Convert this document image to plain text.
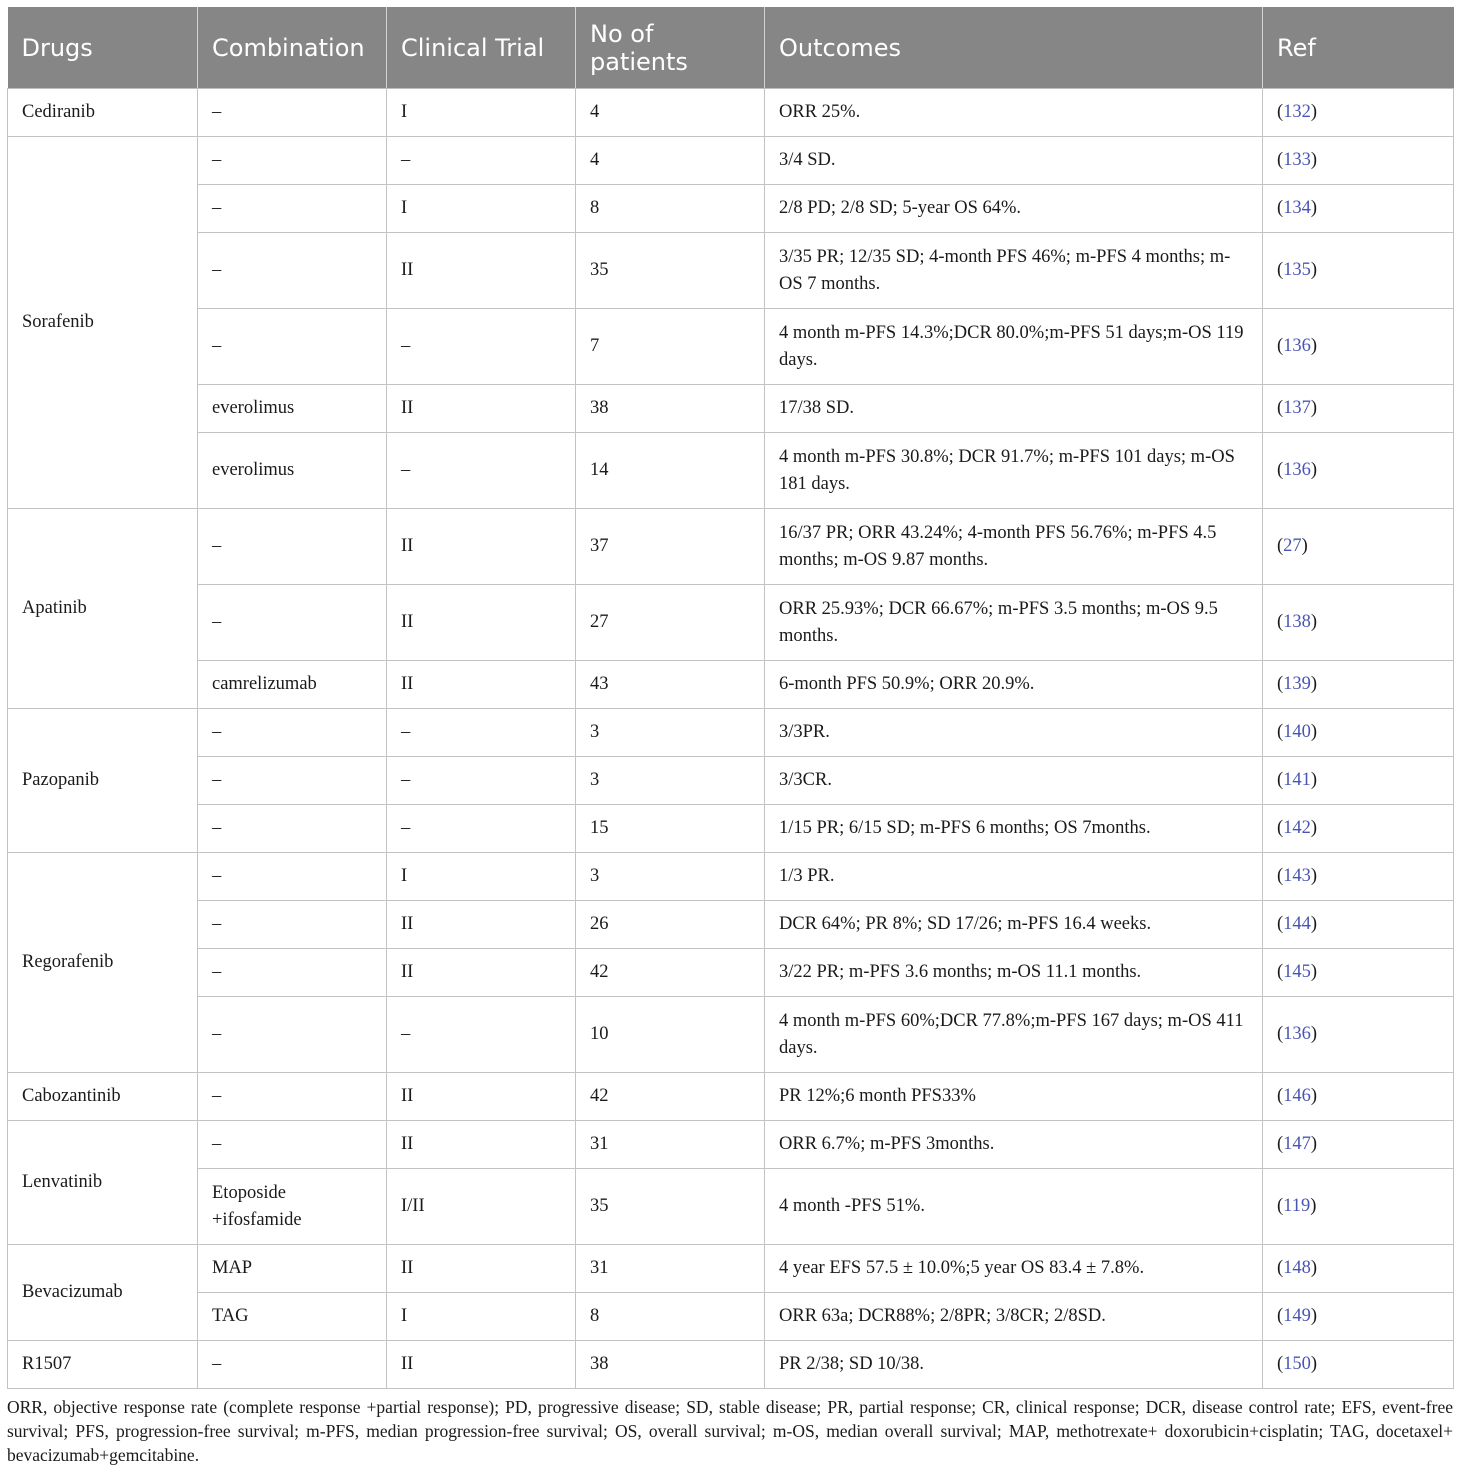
Drugs	Combination	Clinical Trial	No of patients	Outcomes	Ref
Cediranib	–	I	4	ORR 25%.	(132)
Sorafenib	–	–	4	3/4 SD.	(133)
	–	I	8	2/8 PD; 2/8 SD; 5-year OS 64%.	(134)
	–	II	35	3/35 PR; 12/35 SD; 4-month PFS 46%; m-PFS 4 months; m-OS 7 months.	(135)
	–	–	7	4 month m-PFS 14.3%;DCR 80.0%;m-PFS 51 days;m-OS 119 days.	(136)
	everolimus	II	38	17/38 SD.	(137)
	everolimus	–	14	4 month m-PFS 30.8%; DCR 91.7%; m-PFS 101 days; m-OS 181 days.	(136)
Apatinib	–	II	37	16/37 PR; ORR 43.24%; 4-month PFS 56.76%; m-PFS 4.5 months; m-OS 9.87 months.	(27)
	–	II	27	ORR 25.93%; DCR 66.67%; m-PFS 3.5 months; m-OS 9.5 months.	(138)
	camrelizumab	II	43	6-month PFS 50.9%; ORR 20.9%.	(139)
Pazopanib	–	–	3	3/3PR.	(140)
	–	–	3	3/3CR.	(141)
	–	–	15	1/15 PR; 6/15 SD; m-PFS 6 months; OS 7months.	(142)
Regorafenib	–	I	3	1/3 PR.	(143)
	–	II	26	DCR 64%; PR 8%; SD 17/26; m-PFS 16.4 weeks.	(144)
	–	II	42	3/22 PR; m-PFS 3.6 months; m-OS 11.1 months.	(145)
	–	–	10	4 month m-PFS 60%;DCR 77.8%;m-PFS 167 days; m-OS 411 days.	(136)
Cabozantinib	–	II	42	PR 12%;6 month PFS33%	(146)
Lenvatinib	–	II	31	ORR 6.7%; m-PFS 3months.	(147)
	Etoposide +ifosfamide	I/II	35	4 month -PFS 51%.	(119)
Bevacizumab	MAP	II	31	4 year EFS 57.5 ± 10.0%;5 year OS 83.4 ± 7.8%.	(148)
	TAG	I	8	ORR 63a; DCR88%; 2/8PR; 3/8CR; 2/8SD.	(149)
R1507	–	II	38	PR 2/38; SD 10/38.	(150)
ORR, objective response rate (complete response +partial response); PD, progressive disease; SD, stable disease; PR, partial response; CR, clinical response; DCR, disease control rate; EFS, event-free survival; PFS, progression-free survival; m-PFS, median progression-free survival; OS, overall survival; m-OS, median overall survival; MAP, methotrexate+ doxorubicin+cisplatin; TAG, docetaxel+ bevacizumab+gemcitabine.
